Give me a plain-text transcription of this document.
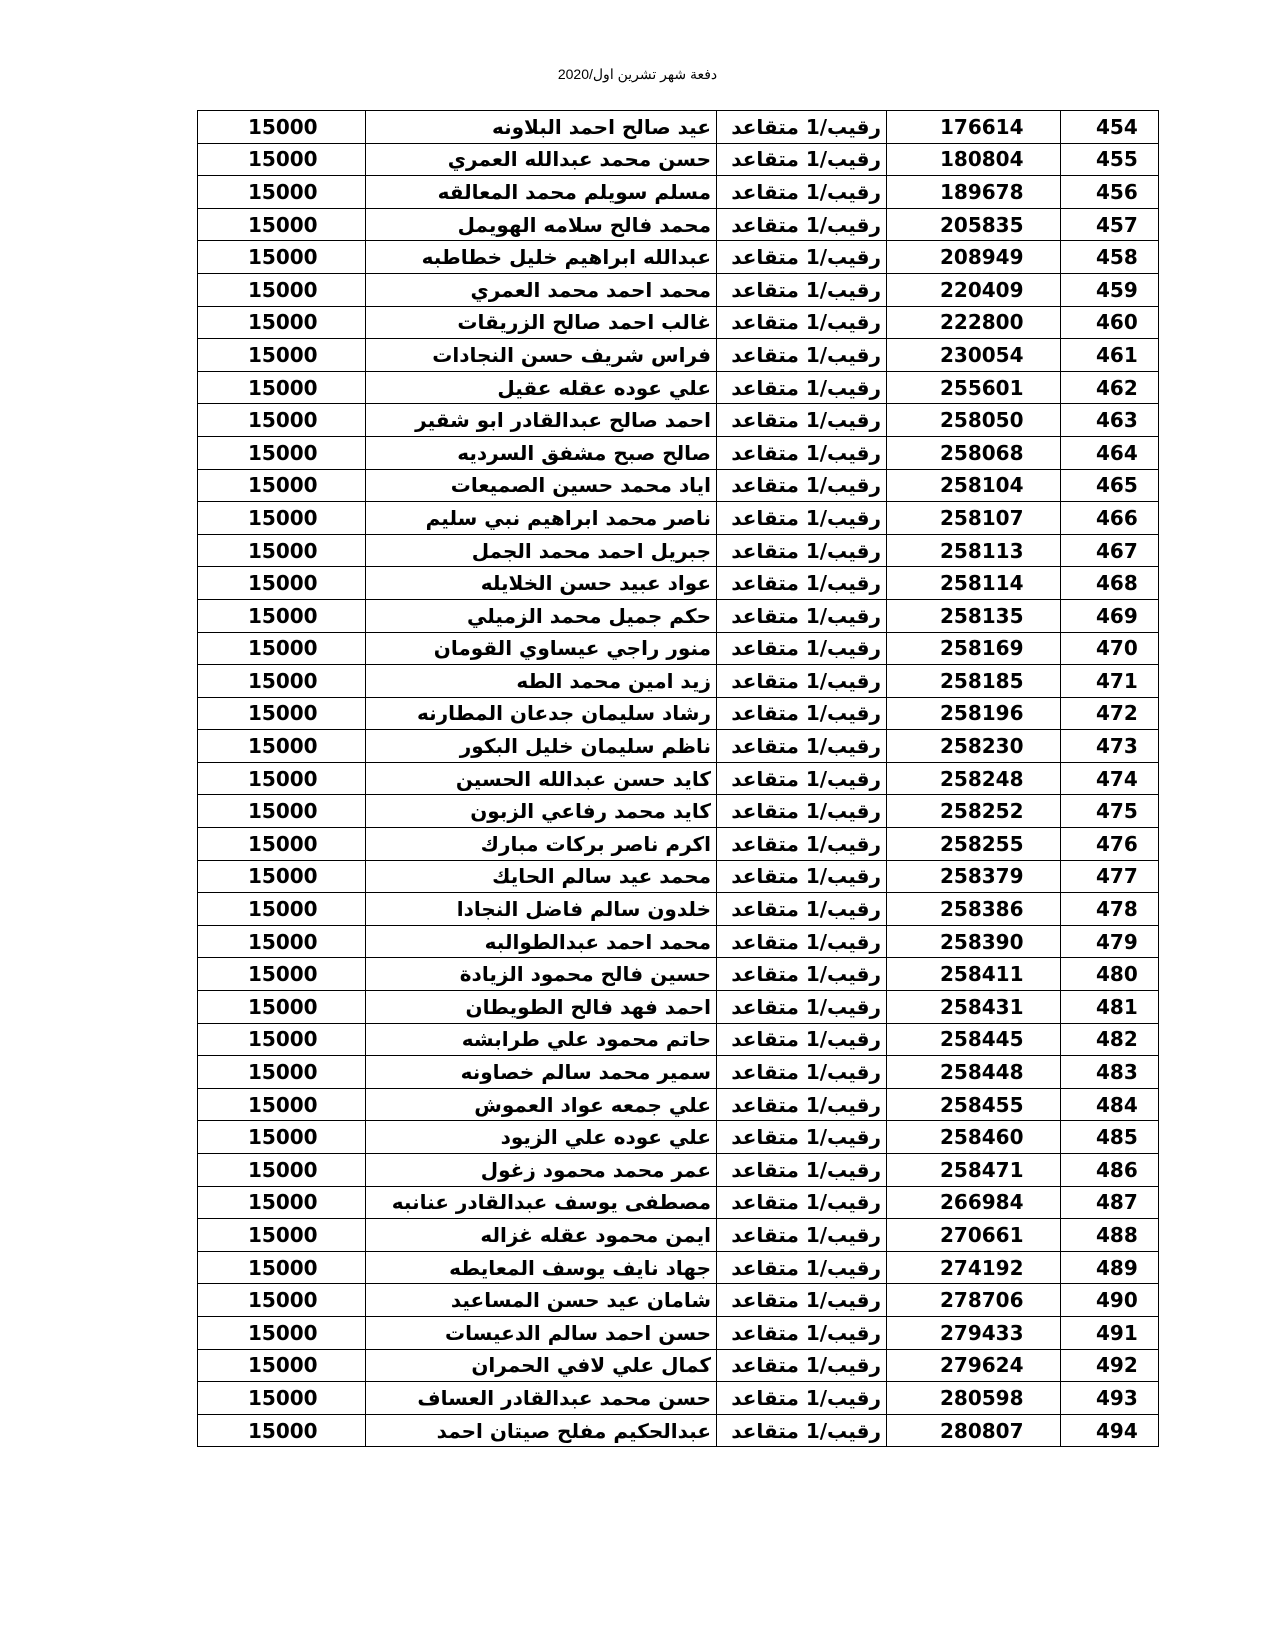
دفعة شهر تشرين اول/2020
15000	عيد صالح احمد البلاونه	رقيب/1 متقاعد	176614	454
15000	حسن محمد عبدالله العمري	رقيب/1 متقاعد	180804	455
15000	مسلم سويلم محمد المعالقه	رقيب/1 متقاعد	189678	456
15000	محمد فالح سلامه الهويمل	رقيب/1 متقاعد	205835	457
15000	عبدالله ابراهيم خليل خطاطبه	رقيب/1 متقاعد	208949	458
15000	محمد احمد محمد العمري	رقيب/1 متقاعد	220409	459
15000	غالب احمد صالح الزريقات	رقيب/1 متقاعد	222800	460
15000	فراس شريف حسن النجادات	رقيب/1 متقاعد	230054	461
15000	علي عوده عقله عقيل	رقيب/1 متقاعد	255601	462
15000	احمد صالح عبدالقادر ابو شقير	رقيب/1 متقاعد	258050	463
15000	صالح صبح مشفق السرديه	رقيب/1 متقاعد	258068	464
15000	اياد محمد حسين الصميعات	رقيب/1 متقاعد	258104	465
15000	ناصر محمد ابراهيم نبي سليم	رقيب/1 متقاعد	258107	466
15000	جبريل احمد محمد الجمل	رقيب/1 متقاعد	258113	467
15000	عواد عبيد حسن الخلايله	رقيب/1 متقاعد	258114	468
15000	حكم جميل محمد الزميلي	رقيب/1 متقاعد	258135	469
15000	منور راجي عيساوي القومان	رقيب/1 متقاعد	258169	470
15000	زيد امين محمد الطه	رقيب/1 متقاعد	258185	471
15000	رشاد سليمان جدعان المطارنه	رقيب/1 متقاعد	258196	472
15000	ناظم سليمان خليل البكور	رقيب/1 متقاعد	258230	473
15000	كايد حسن عبدالله الحسين	رقيب/1 متقاعد	258248	474
15000	كايد محمد رفاعي الزبون	رقيب/1 متقاعد	258252	475
15000	اكرم ناصر بركات مبارك	رقيب/1 متقاعد	258255	476
15000	محمد عيد سالم الحايك	رقيب/1 متقاعد	258379	477
15000	خلدون سالم فاضل النجادا	رقيب/1 متقاعد	258386	478
15000	محمد احمد عبدالطوالبه	رقيب/1 متقاعد	258390	479
15000	حسين فالح محمود الزيادة	رقيب/1 متقاعد	258411	480
15000	احمد فهد فالح الطويطان	رقيب/1 متقاعد	258431	481
15000	حاتم محمود علي طرابشه	رقيب/1 متقاعد	258445	482
15000	سمير محمد سالم خصاونه	رقيب/1 متقاعد	258448	483
15000	علي جمعه عواد العموش	رقيب/1 متقاعد	258455	484
15000	علي عوده علي الزيود	رقيب/1 متقاعد	258460	485
15000	عمر محمد محمود زغول	رقيب/1 متقاعد	258471	486
15000	مصطفى يوسف عبدالقادر عنانبه	رقيب/1 متقاعد	266984	487
15000	ايمن محمود عقله غزاله	رقيب/1 متقاعد	270661	488
15000	جهاد نايف يوسف المعايطه	رقيب/1 متقاعد	274192	489
15000	شامان عيد حسن المساعيد	رقيب/1 متقاعد	278706	490
15000	حسن احمد سالم الدعيسات	رقيب/1 متقاعد	279433	491
15000	كمال علي لافي الحمران	رقيب/1 متقاعد	279624	492
15000	حسن محمد عبدالقادر العساف	رقيب/1 متقاعد	280598	493
15000	عبدالحكيم مفلح صيتان احمد	رقيب/1 متقاعد	280807	494
